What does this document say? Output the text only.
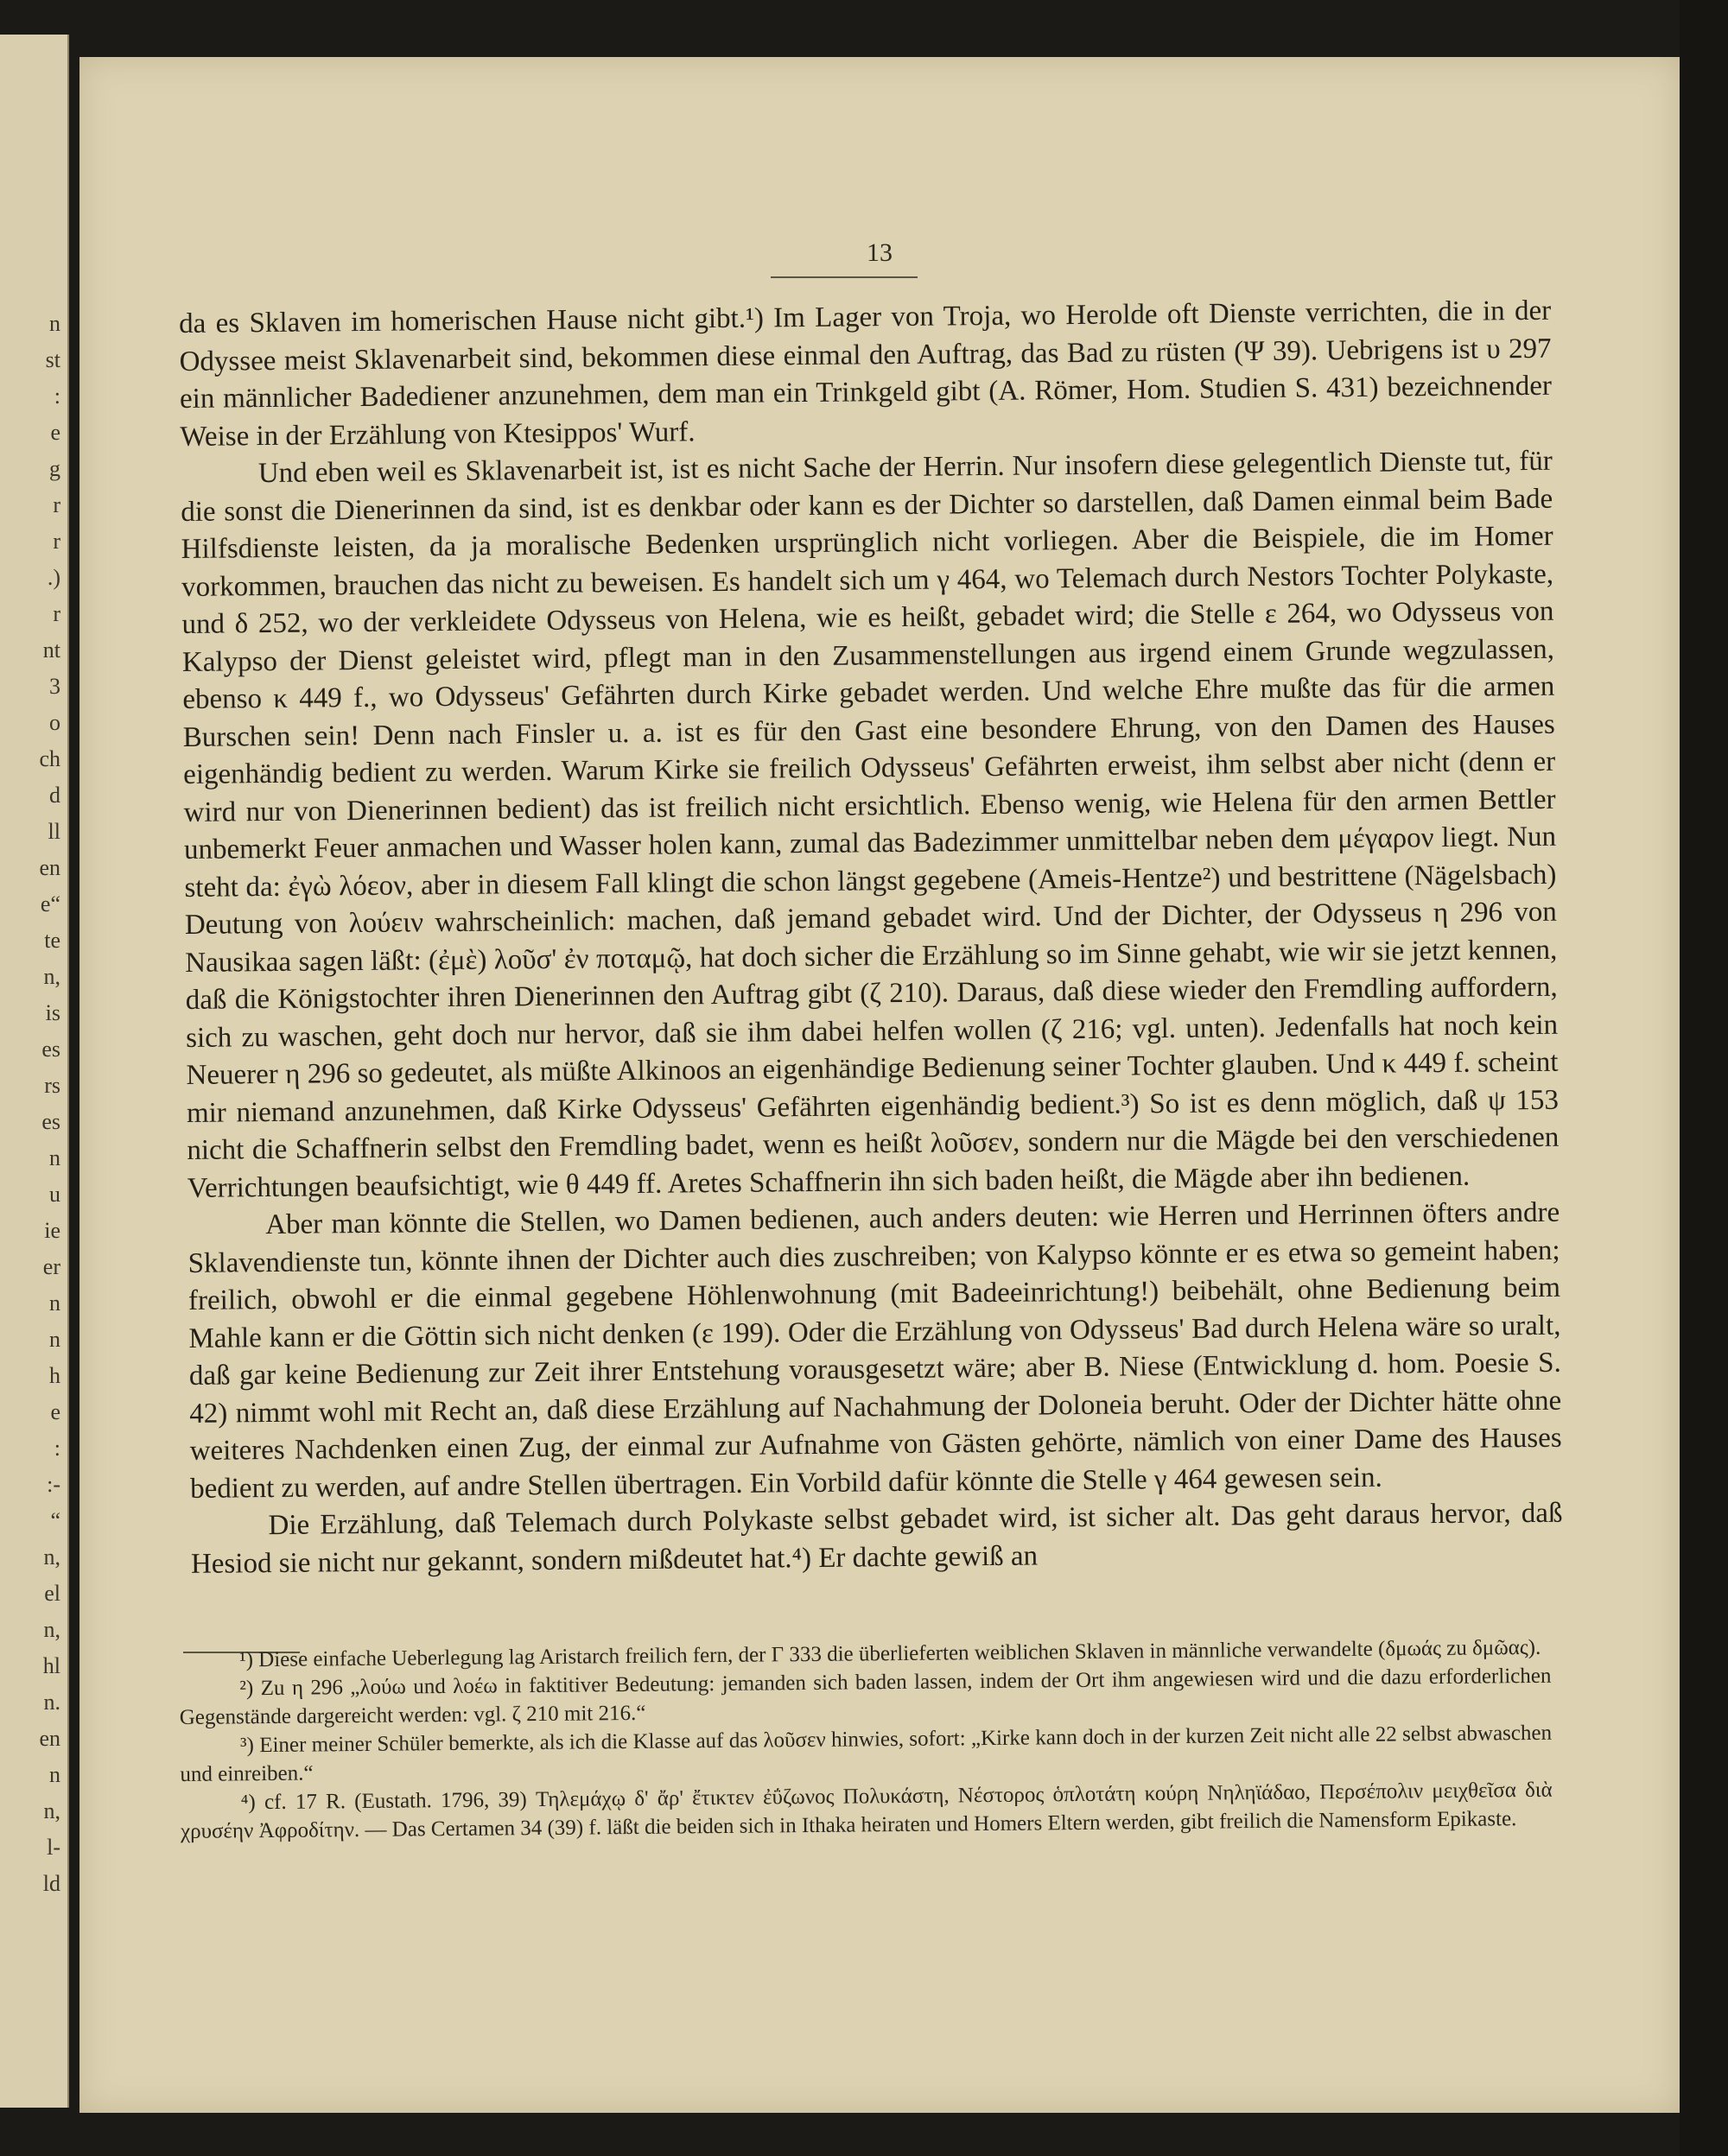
n
st
:
e
g
r
r
.)
r
nt
3
o
ch
d
ll
en
e“
te
n,
is
es
rs
es
n
u
ie
er
n
n
h
e
:
:-
“
n,
el
n,
hl
n.
en
n
n,
l-
ld
13

da es Sklaven im homerischen Hause nicht gibt.¹) Im Lager von Troja, wo Herolde oft Dienste verrichten, die in der Odyssee meist Sklavenarbeit sind, bekommen diese einmal den Auftrag, das Bad zu rüsten (Ψ 39). Uebrigens ist υ 297 ein männlicher Badediener anzunehmen, dem man ein Trinkgeld gibt (A. Römer, Hom. Studien S. 431) bezeichnender Weise in der Erzählung von Ktesippos' Wurf.

Und eben weil es Sklavenarbeit ist, ist es nicht Sache der Herrin. Nur insofern diese gelegentlich Dienste tut, für die sonst die Dienerinnen da sind, ist es denkbar oder kann es der Dichter so darstellen, daß Damen einmal beim Bade Hilfsdienste leisten, da ja moralische Bedenken ursprünglich nicht vorliegen. Aber die Beispiele, die im Homer vorkommen, brauchen das nicht zu beweisen. Es handelt sich um γ 464, wo Telemach durch Nestors Tochter Polykaste, und δ 252, wo der verkleidete Odysseus von Helena, wie es heißt, gebadet wird; die Stelle ε 264, wo Odysseus von Kalypso der Dienst geleistet wird, pflegt man in den Zusammenstellungen aus irgend einem Grunde wegzulassen, ebenso κ 449 f., wo Odysseus' Gefährten durch Kirke gebadet werden. Und welche Ehre mußte das für die armen Burschen sein! Denn nach Finsler u. a. ist es für den Gast eine besondere Ehrung, von den Damen des Hauses eigenhändig bedient zu werden. Warum Kirke sie freilich Odysseus' Gefährten erweist, ihm selbst aber nicht (denn er wird nur von Dienerinnen bedient) das ist freilich nicht ersichtlich. Ebenso wenig, wie Helena für den armen Bettler unbemerkt Feuer anmachen und Wasser holen kann, zumal das Badezimmer unmittelbar neben dem μέγαρον liegt. Nun steht da: ἐγὼ λόεον, aber in diesem Fall klingt die schon längst gegebene (Ameis-Hentze²) und bestrittene (Nägelsbach) Deutung von λούειν wahrscheinlich: machen, daß jemand gebadet wird. Und der Dichter, der Odysseus η 296 von Nausikaa sagen läßt: (ἐμὲ) λοῦσ' ἐν ποταμῷ, hat doch sicher die Erzählung so im Sinne gehabt, wie wir sie jetzt kennen, daß die Königstochter ihren Dienerinnen den Auftrag gibt (ζ 210). Daraus, daß diese wieder den Fremdling auffordern, sich zu waschen, geht doch nur hervor, daß sie ihm dabei helfen wollen (ζ 216; vgl. unten). Jedenfalls hat noch kein Neuerer η 296 so gedeutet, als müßte Alkinoos an eigenhändige Bedienung seiner Tochter glauben. Und κ 449 f. scheint mir niemand anzunehmen, daß Kirke Odysseus' Gefährten eigenhändig bedient.³) So ist es denn möglich, daß ψ 153 nicht die Schaffnerin selbst den Fremdling badet, wenn es heißt λοῦσεν, sondern nur die Mägde bei den verschiedenen Verrichtungen beaufsichtigt, wie θ 449 ff. Aretes Schaffnerin ihn sich baden heißt, die Mägde aber ihn bedienen.

Aber man könnte die Stellen, wo Damen bedienen, auch anders deuten: wie Herren und Herrinnen öfters andre Sklavendienste tun, könnte ihnen der Dichter auch dies zuschreiben; von Kalypso könnte er es etwa so gemeint haben; freilich, obwohl er die einmal gegebene Höhlenwohnung (mit Badeeinrichtung!) beibehält, ohne Bedienung beim Mahle kann er die Göttin sich nicht denken (ε 199). Oder die Erzählung von Odysseus' Bad durch Helena wäre so uralt, daß gar keine Bedienung zur Zeit ihrer Entstehung vorausgesetzt wäre; aber B. Niese (Entwicklung d. hom. Poesie S. 42) nimmt wohl mit Recht an, daß diese Erzählung auf Nachahmung der Doloneia beruht. Oder der Dichter hätte ohne weiteres Nachdenken einen Zug, der einmal zur Aufnahme von Gästen gehörte, nämlich von einer Dame des Hauses bedient zu werden, auf andre Stellen übertragen. Ein Vorbild dafür könnte die Stelle γ 464 gewesen sein.

Die Erzählung, daß Telemach durch Polykaste selbst gebadet wird, ist sicher alt. Das geht daraus hervor, daß Hesiod sie nicht nur gekannt, sondern mißdeutet hat.⁴) Er dachte gewiß an

¹) Diese einfache Ueberlegung lag Aristarch freilich fern, der Γ 333 die überlieferten weiblichen Sklaven in männliche verwandelte (δμωάς zu δμῶας).

²) Zu η 296 „λούω und λοέω in faktitiver Bedeutung: jemanden sich baden lassen, indem der Ort ihm angewiesen wird und die dazu erforderlichen Gegenstände dargereicht werden: vgl. ζ 210 mit 216.“

³) Einer meiner Schüler bemerkte, als ich die Klasse auf das λοῦσεν hinwies, sofort: „Kirke kann doch in der kurzen Zeit nicht alle 22 selbst abwaschen und einreiben.“

⁴) cf. 17 R. (Eustath. 1796, 39) Τηλεμάχῳ δ' ἄρ' ἔτικτεν ἐΰζωνος Πολυκάστη, Νέστορος ὁπλοτάτη κούρη Νηληϊάδαο, Περσέπολιν μειχθεῖσα διὰ χρυσέην Ἀφροδίτην. — Das Certamen 34 (39) f. läßt die beiden sich in Ithaka heiraten und Homers Eltern werden, gibt freilich die Namensform Epikaste.
